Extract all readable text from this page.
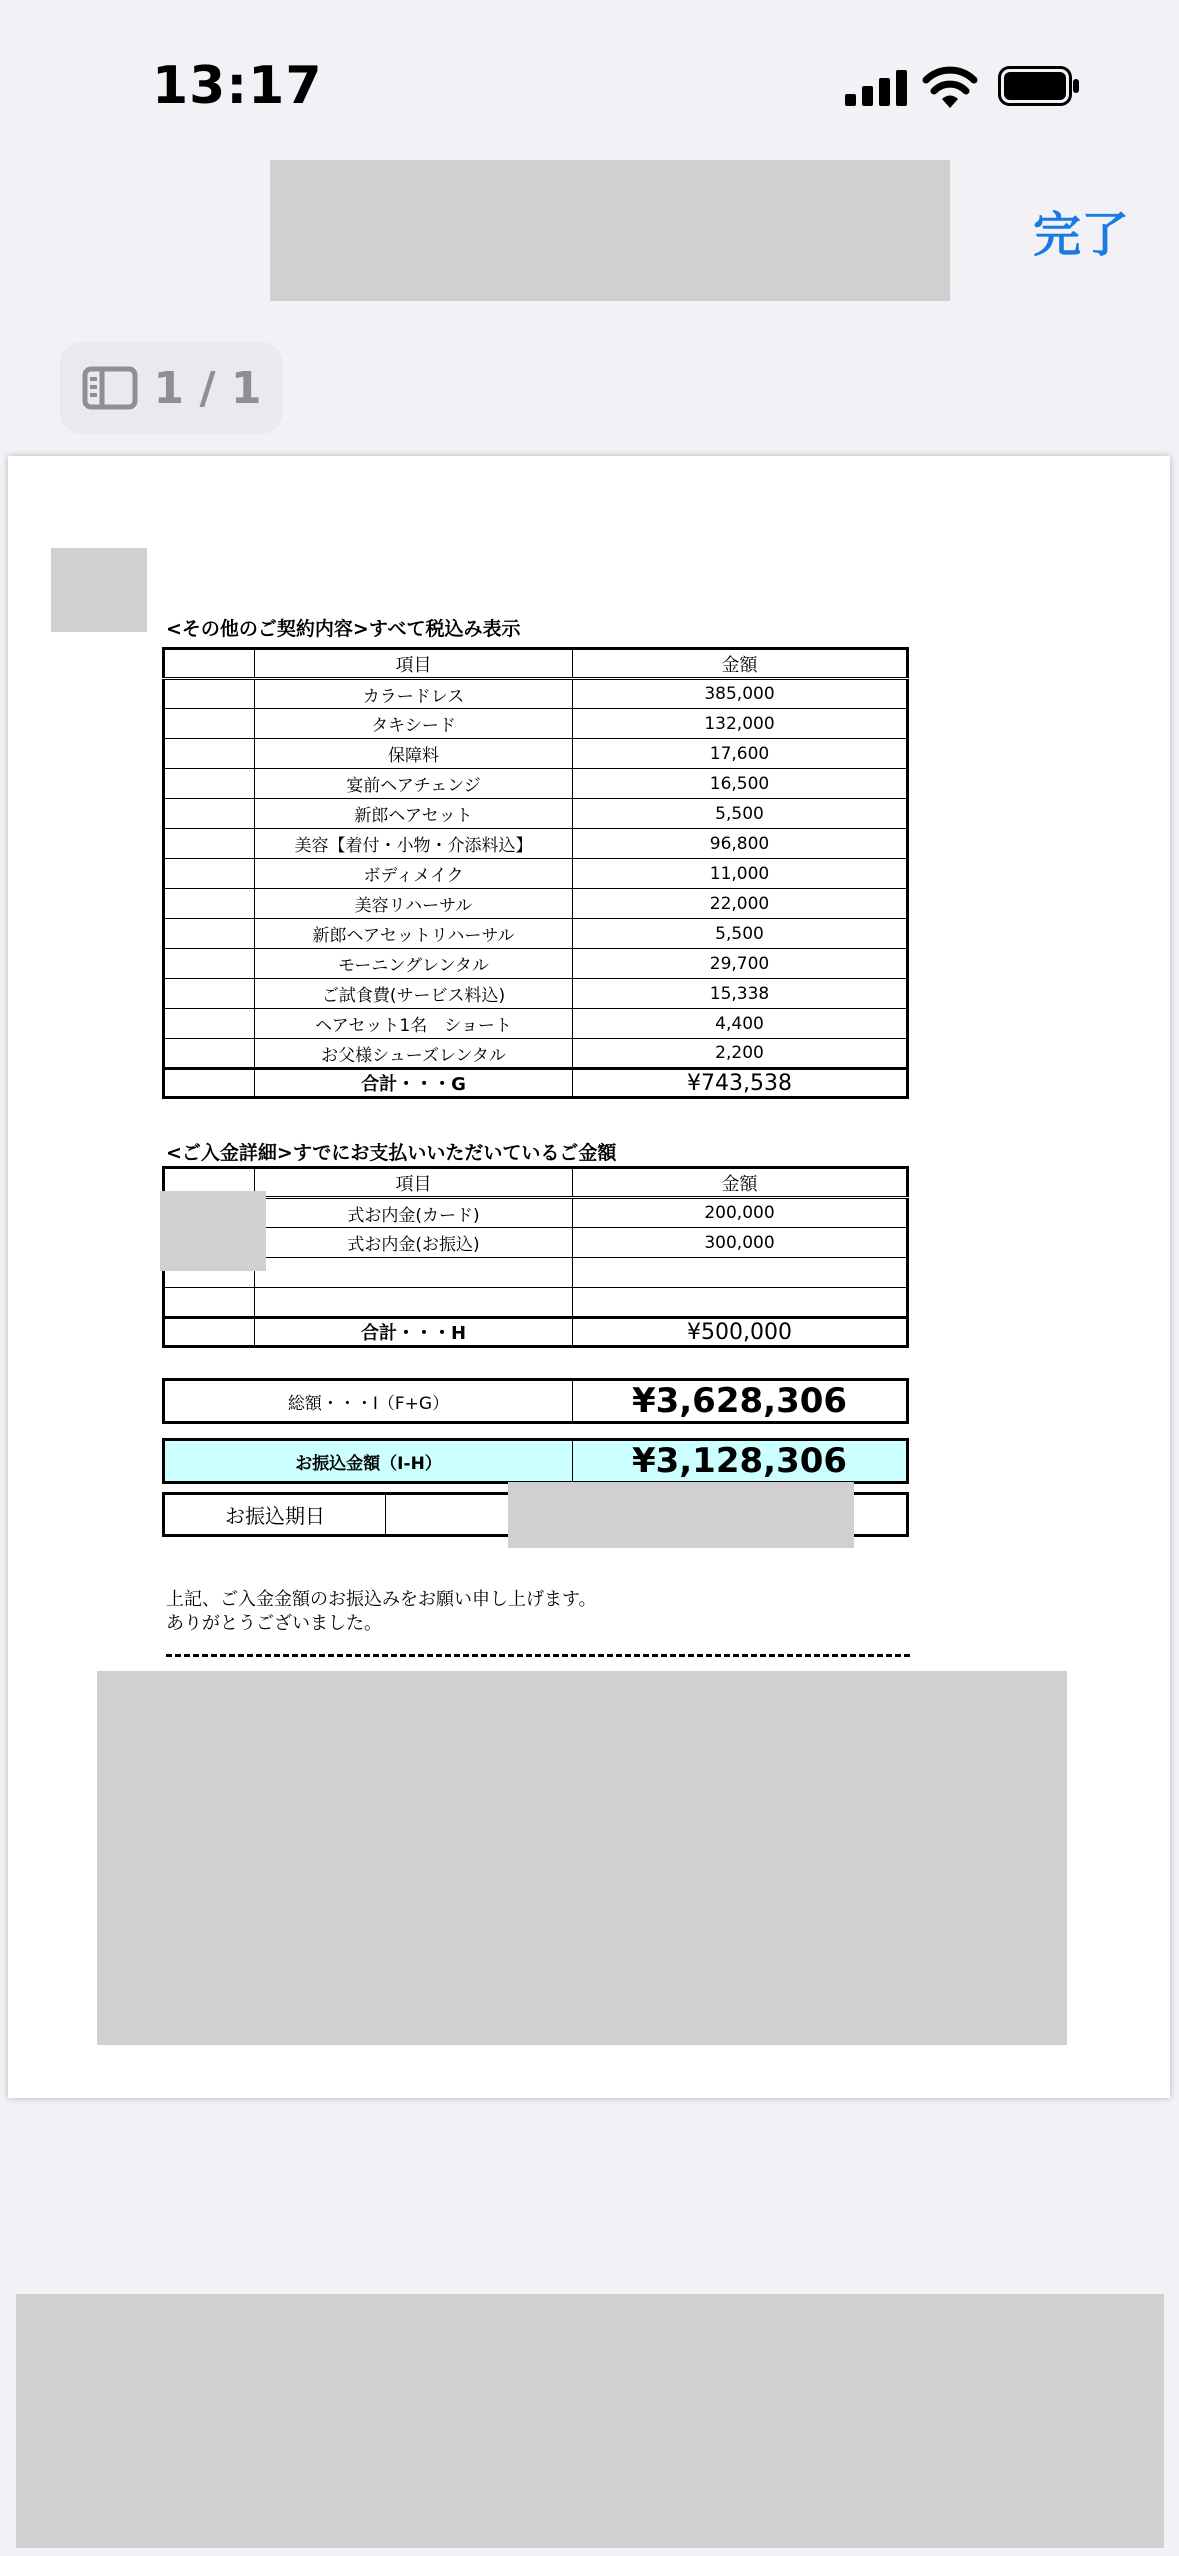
13:17
完了
1 / 1
<その他のご契約内容>すべて税込み表示
	項目	金額
	カラードレス	385,000
	タキシード	132,000
	保障料	17,600
	宴前ヘアチェンジ	16,500
	新郎ヘアセット	5,500
	美容【着付・小物・介添料込】	96,800
	ボディメイク	11,000
	美容リハーサル	22,000
	新郎ヘアセットリハーサル	5,500
	モーニングレンタル	29,700
	ご試食費(サービス料込)	15,338
	ヘアセット1名　ショート	4,400
	お父様シューズレンタル	2,200
	合計・・・G	¥743,538
<ご入金詳細>すでにお支払いいただいているご金額
	項目	金額
	式お内金(カード)	200,000
	式お内金(お振込)	300,000

	合計・・・H	¥500,000
総額・・・I（F+G）	¥3,628,306
お振込金額（I-H）	¥3,128,306
お振込期日	
上記、ご入金金額のお振込みをお願い申し上げます。
ありがとうございました。
